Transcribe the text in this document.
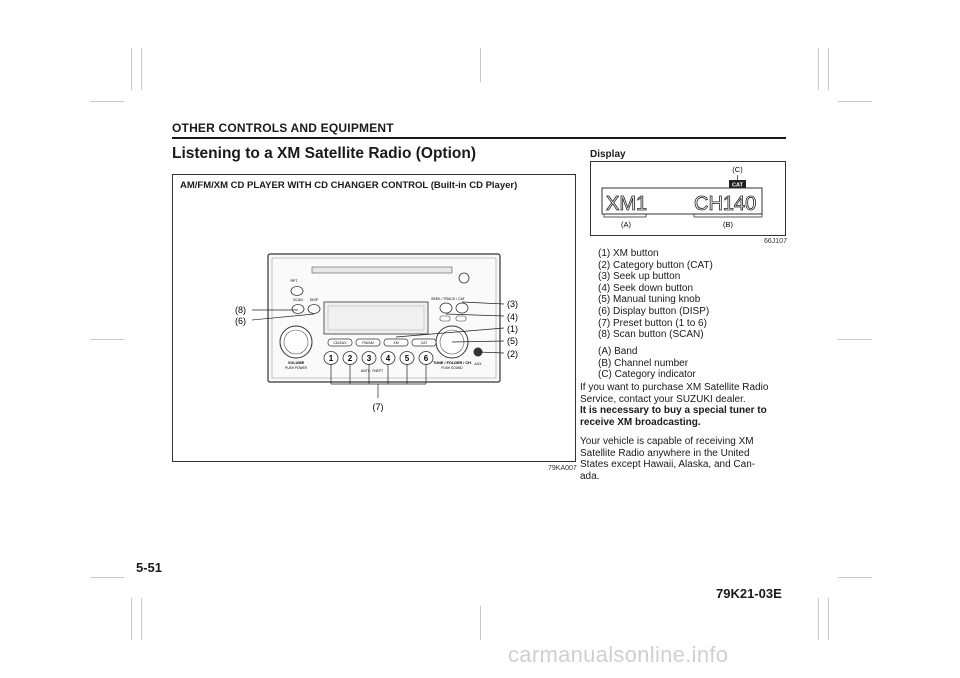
OTHER CONTROLS AND EQUIPMENT
Listening to a XM Satellite Radio (Option)
AM/FM/XM CD PLAYER WITH CD CHANGER CONTROL (Built-in CD Player)
RPT
SCAN DISP	SEEK / TRACK / CAT
VOLUME
PUSH POWER
TUNE / FOLDER / CH
PUSH SOUND
AUX
CD/AUX	FM/AM	XM	CAT
1 2 3 4 5 6
ANTI - THEFT
(8)
(6)
(3)
(4)
(1)
(5)
(2)
(7)
79KA007
Display
XM1 CH140
CAT
(A)	(B)
(C)
66J107
(1) XM button
(2) Category button (CAT)
(3) Seek up button
(4) Seek down button
(5) Manual tuning knob
(6) Display button (DISP)
(7) Preset button (1 to 6)
(8) Scan button (SCAN)
(A) Band
(B) Channel number
(C) Category indicator
If you want to purchase XM Satellite Radio
Service, contact your SUZUKI dealer.
It is necessary to buy a special tuner to
receive XM broadcasting.
Your vehicle is capable of receiving XM
Satellite Radio anywhere in the United
States except Hawaii, Alaska, and Can-
ada.
5-51
79K21-03E
carmanualsonline.info
